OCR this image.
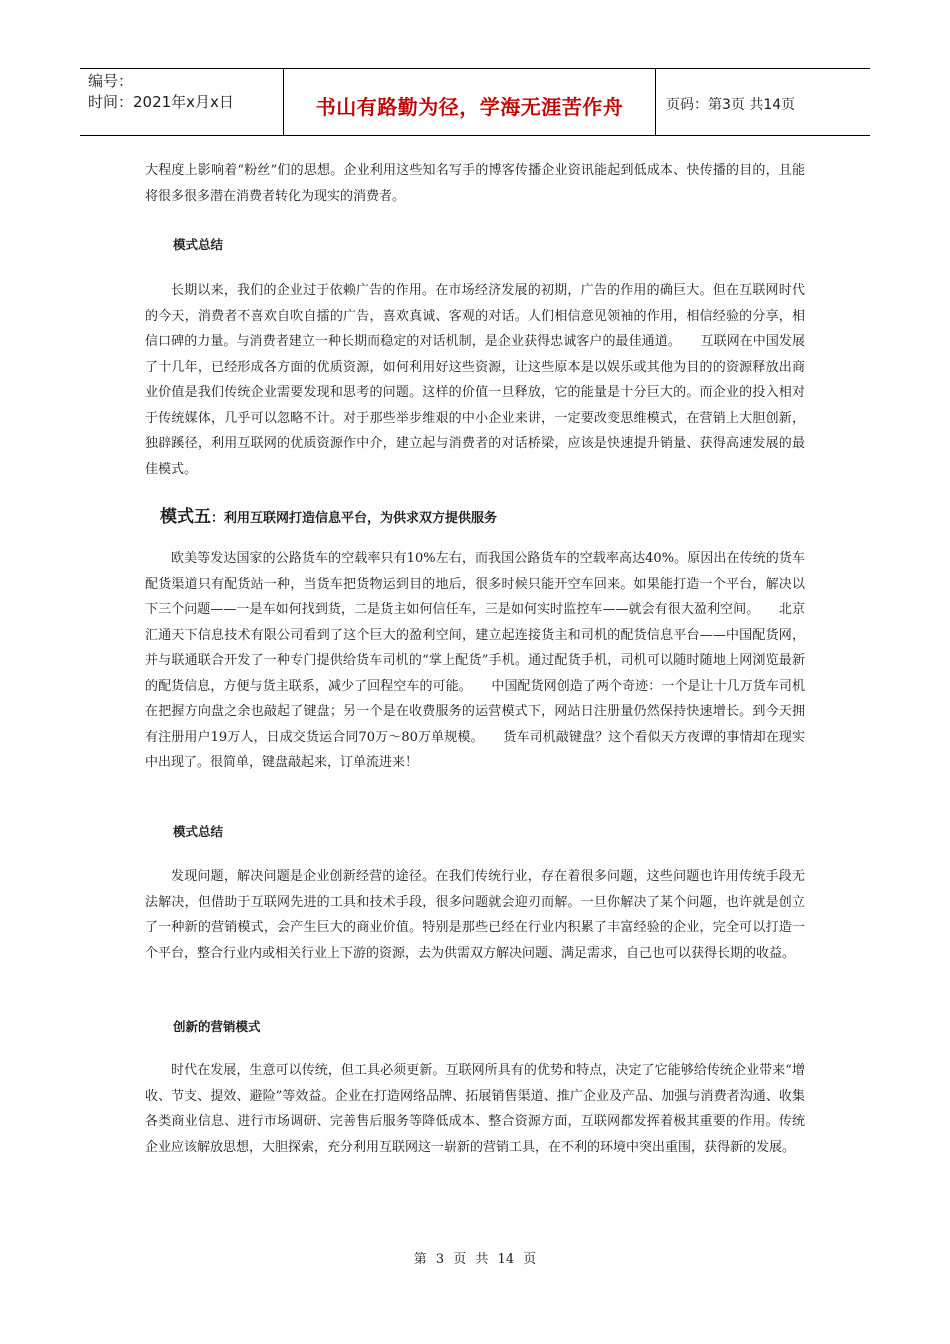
编号：
时间：2021年x月x日	书山有路勤为径，学海无涯苦作舟	页码：第3页 共14页

大程度上影响着“粉丝”们的思想。企业利用这些知名写手的博客传播企业资讯能起到低成本、快传播的目的，且能将很多很多潜在消费者转化为现实的消费者。

模式总结

长期以来，我们的企业过于依赖广告的作用。在市场经济发展的初期，广告的作用的确巨大。但在互联网时代的今天，消费者不喜欢自吹自擂的广告，喜欢真诚、客观的对话。人们相信意见领袖的作用，相信经验的分享，相信口碑的力量。与消费者建立一种长期而稳定的对话机制，是企业获得忠诚客户的最佳通道。　　互联网在中国发展了十几年，已经形成各方面的优质资源，如何利用好这些资源，让这些原本是以娱乐或其他为目的的资源释放出商业价值是我们传统企业需要发现和思考的问题。这样的价值一旦释放，它的能量是十分巨大的。而企业的投入相对于传统媒体，几乎可以忽略不计。对于那些举步维艰的中小企业来讲，一定要改变思维模式，在营销上大胆创新，独辟蹊径，利用互联网的优质资源作中介，建立起与消费者的对话桥梁，应该是快速提升销量、获得高速发展的最佳模式。

模式五：利用互联网打造信息平台，为供求双方提供服务

欧美等发达国家的公路货车的空载率只有10%左右，而我国公路货车的空载率高达40%。原因出在传统的货车配货渠道只有配货站一种，当货车把货物运到目的地后，很多时候只能开空车回来。如果能打造一个平台，解决以下三个问题——一是车如何找到货，二是货主如何信任车，三是如何实时监控车——就会有很大盈利空间。　　北京汇通天下信息技术有限公司看到了这个巨大的盈利空间，建立起连接货主和司机的配货信息平台——中国配货网，并与联通联合开发了一种专门提供给货车司机的“掌上配货”手机。通过配货手机，司机可以随时随地上网浏览最新的配货信息，方便与货主联系，减少了回程空车的可能。　　中国配货网创造了两个奇迹：一个是让十几万货车司机在把握方向盘之余也敲起了键盘；另一个是在收费服务的运营模式下，网站日注册量仍然保持快速增长。到今天拥有注册用户19万人，日成交货运合同70万～80万单规模。　　货车司机敲键盘？这个看似天方夜谭的事情却在现实中出现了。很简单，键盘敲起来，订单流进来！

模式总结

发现问题，解决问题是企业创新经营的途径。在我们传统行业，存在着很多问题，这些问题也许用传统手段无法解决，但借助于互联网先进的工具和技术手段，很多问题就会迎刃而解。一旦你解决了某个问题，也许就是创立了一种新的营销模式，会产生巨大的商业价值。特别是那些已经在行业内积累了丰富经验的企业，完全可以打造一个平台，整合行业内或相关行业上下游的资源，去为供需双方解决问题、满足需求，自己也可以获得长期的收益。

创新的营销模式

时代在发展，生意可以传统，但工具必须更新。互联网所具有的优势和特点，决定了它能够给传统企业带来“增收、节支、提效、避险”等效益。企业在打造网络品牌、拓展销售渠道、推广企业及产品、加强与消费者沟通、收集各类商业信息、进行市场调研、完善售后服务等降低成本、整合资源方面，互联网都发挥着极其重要的作用。传统企业应该解放思想，大胆探索，充分利用互联网这一崭新的营销工具，在不利的环境中突出重围，获得新的发展。

第 3 页 共 14 页
